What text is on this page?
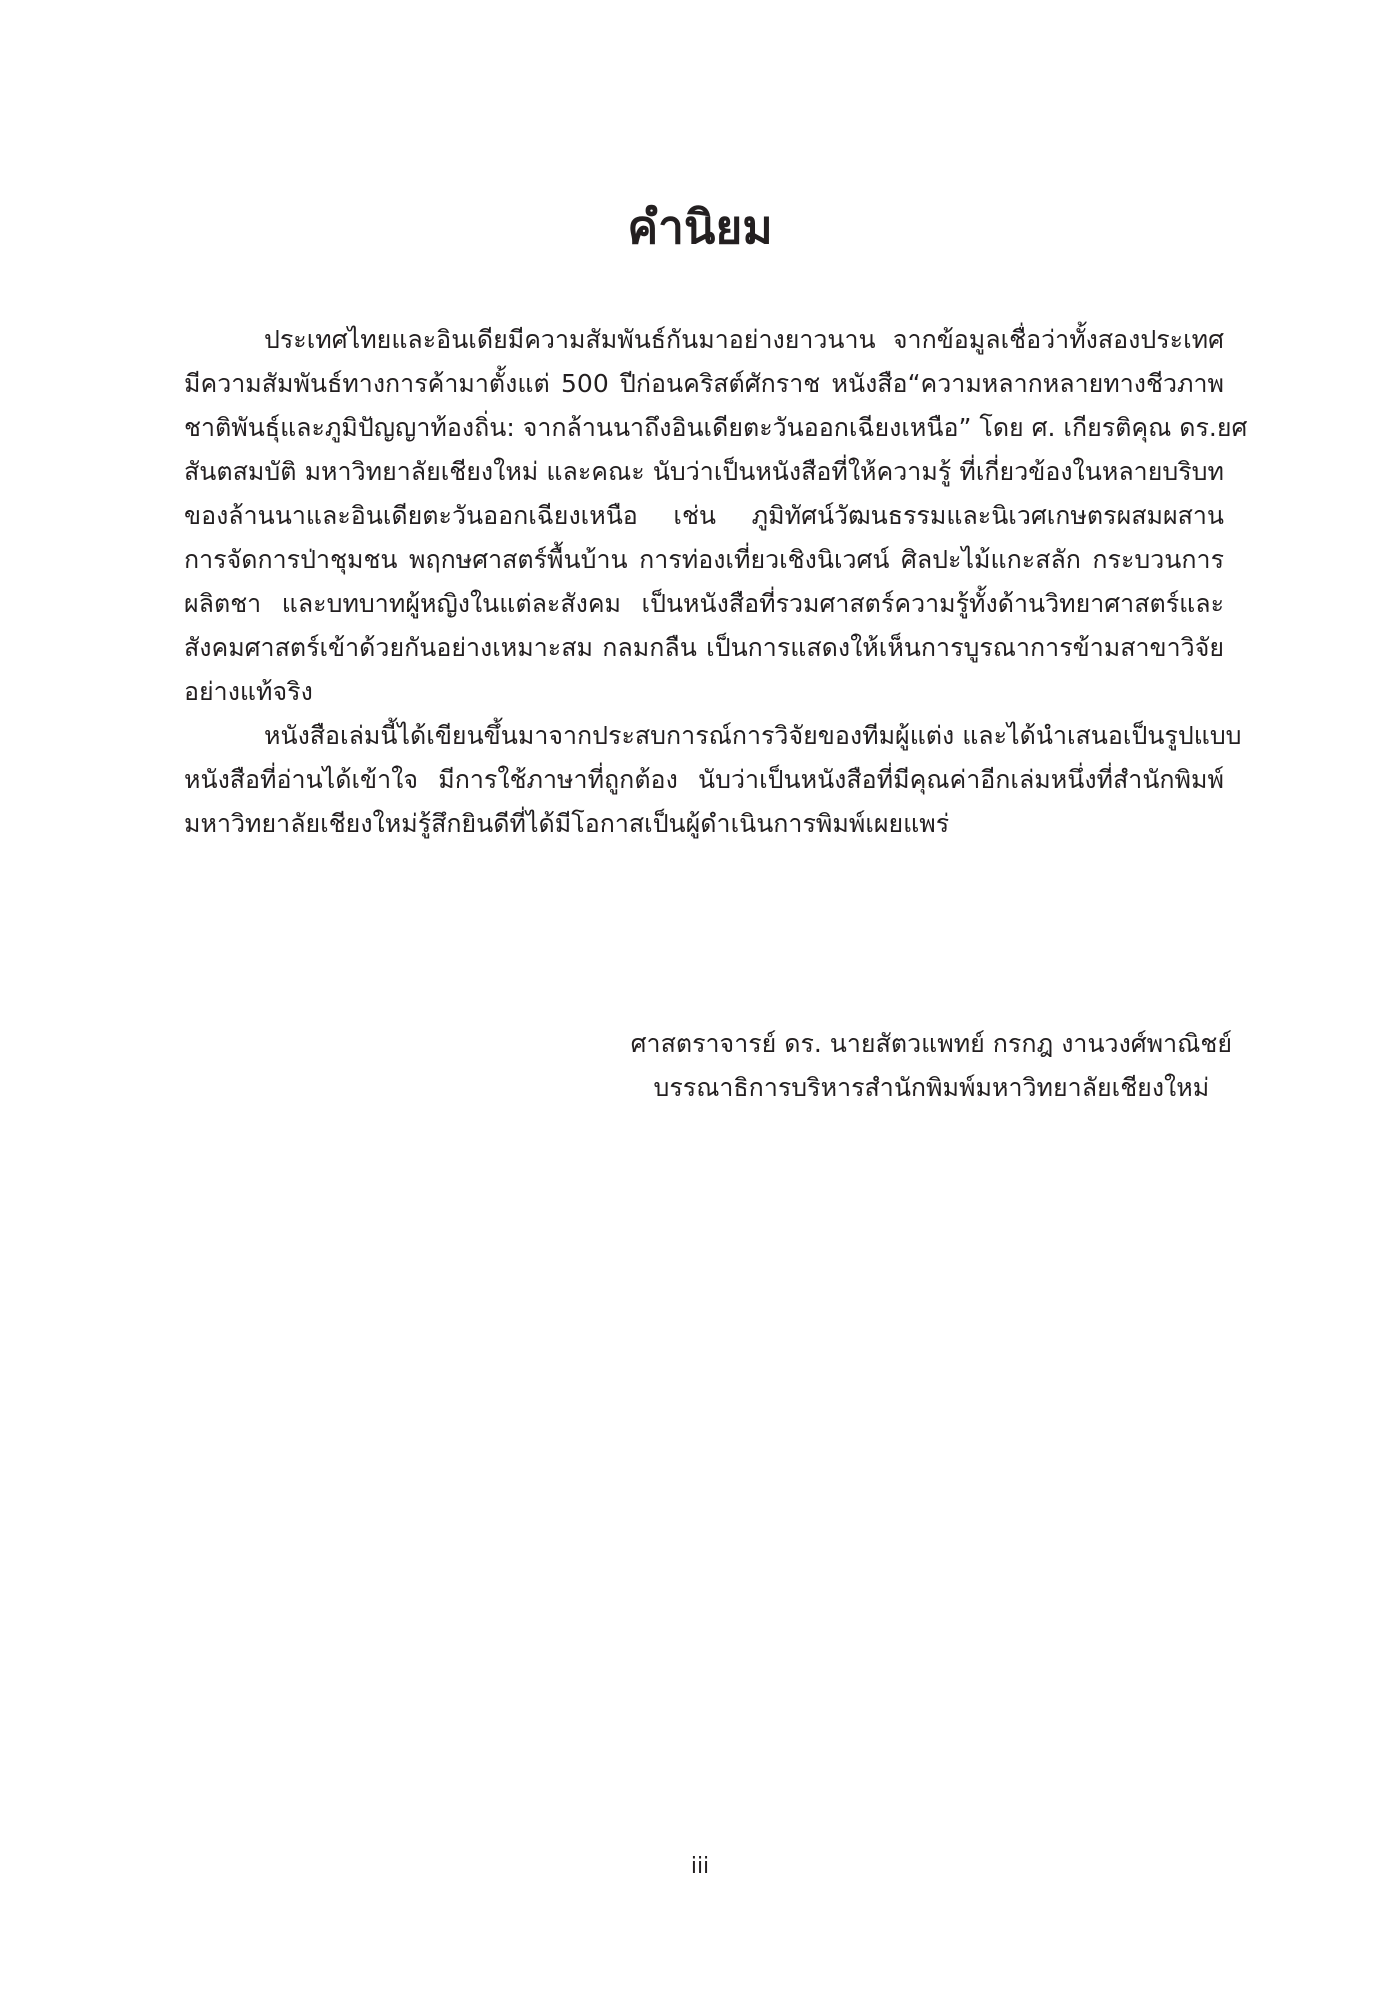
คำนิยม

ประเทศไทยและอินเดียมีความสัมพันธ์กันมาอย่างยาวนาน จากข้อมูลเชื่อว่าทั้งสองประเทศ
มีความสัมพันธ์ทางการค้ามาตั้งแต่ 500 ปีก่อนคริสต์ศักราช หนังสือ“ความหลากหลายทางชีวภาพ
ชาติพันธุ์และภูมิปัญญาท้องถิ่น: จากล้านนาถึงอินเดียตะวันออกเฉียงเหนือ” โดย ศ. เกียรติคุณ ดร.ยศ
สันตสมบัติ มหาวิทยาลัยเชียงใหม่ และคณะ นับว่าเป็นหนังสือที่ให้ความรู้ ที่เกี่ยวข้องในหลายบริบท
ของล้านนาและอินเดียตะวันออกเฉียงเหนือ เช่น ภูมิทัศน์วัฒนธรรมและนิเวศเกษตรผสมผสาน
การจัดการป่าชุมชน พฤกษศาสตร์พื้นบ้าน การท่องเที่ยวเชิงนิเวศน์ ศิลปะไม้แกะสลัก กระบวนการ
ผลิตชา และบทบาทผู้หญิงในแต่ละสังคม เป็นหนังสือที่รวมศาสตร์ความรู้ทั้งด้านวิทยาศาสตร์และ
สังคมศาสตร์เข้าด้วยกันอย่างเหมาะสม กลมกลืน เป็นการแสดงให้เห็นการบูรณาการข้ามสาขาวิจัย
อย่างแท้จริง

หนังสือเล่มนี้ได้เขียนขึ้นมาจากประสบการณ์การวิจัยของทีมผู้แต่ง และได้นำเสนอเป็นรูปแบบ
หนังสือที่อ่านได้เข้าใจ มีการใช้ภาษาที่ถูกต้อง นับว่าเป็นหนังสือที่มีคุณค่าอีกเล่มหนึ่งที่สำนักพิมพ์
มหาวิทยาลัยเชียงใหม่รู้สึกยินดีที่ได้มีโอกาสเป็นผู้ดำเนินการพิมพ์เผยแพร่

ศาสตราจารย์ ดร. นายสัตวแพทย์ กรกฎ งานวงศ์พาณิชย์
บรรณาธิการบริหารสำนักพิมพ์มหาวิทยาลัยเชียงใหม่
iii
